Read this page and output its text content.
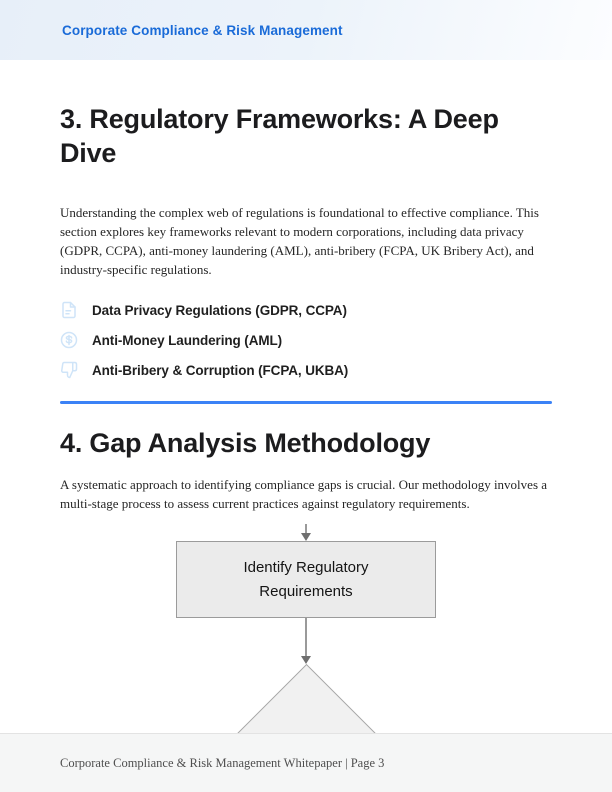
Corporate Compliance & Risk Management
3. Regulatory Frameworks: A Deep Dive

Understanding the complex web of regulations is foundational to effective compliance. This section explores key frameworks relevant to modern corporations, including data privacy (GDPR, CCPA), anti-money laundering (AML), anti-bribery (FCPA, UK Bribery Act), and industry-specific regulations.

Data Privacy Regulations (GDPR, CCPA)
Anti-Money Laundering (AML)
Anti-Bribery & Corruption (FCPA, UKBA)
4. Gap Analysis Methodology

A systematic approach to identifying compliance gaps is crucial. Our methodology involves a multi-stage process to assess current practices against regulatory requirements.

Identify Regulatory Requirements
Corporate Compliance & Risk Management Whitepaper | Page 3
